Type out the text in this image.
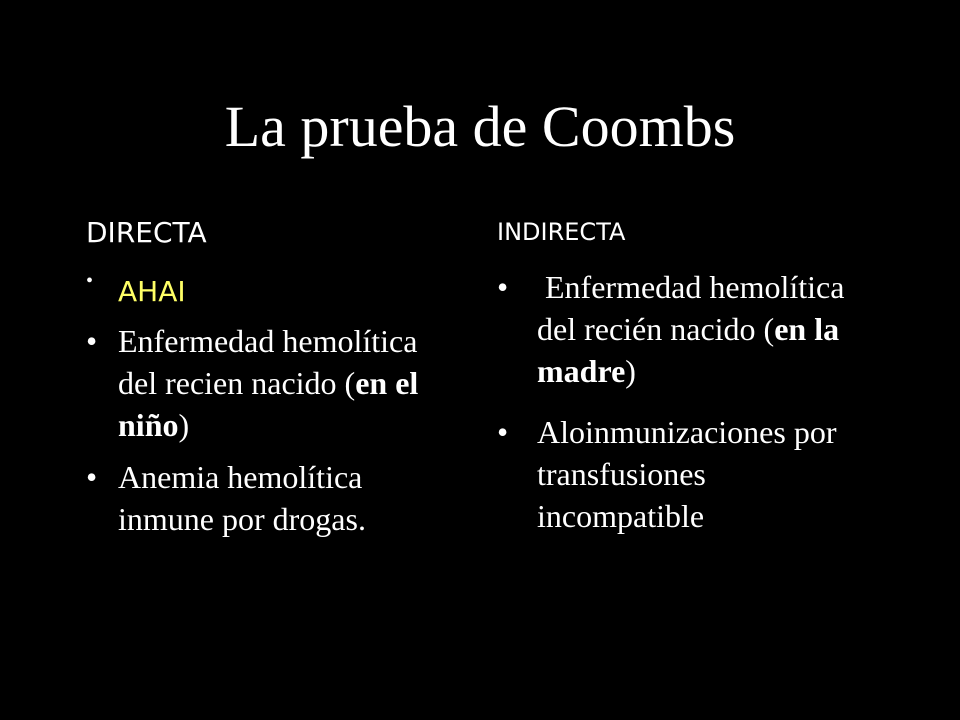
La prueba de Coombs
DIRECTA
• AHAI
• Enfermedad hemolítica del recien nacido (en el niño)
• Anemia hemolítica inmune por drogas.
INDIRECTA
• Enfermedad hemolítica del recién nacido (en la madre)
• Aloinmunizaciones por transfusiones incompatible
